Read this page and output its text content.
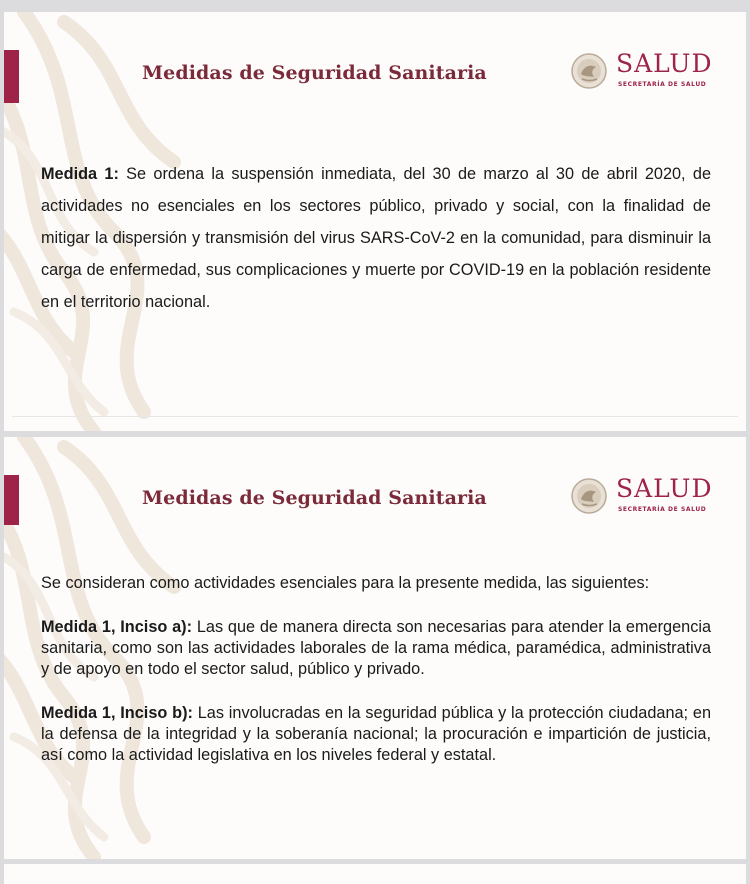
Medidas de Seguridad Sanitaria	SALUD
SECRETARÍA DE SALUD
Medida 1: Se ordena la suspensión inmediata, del 30 de marzo al 30 de abril 2020, de actividades no esenciales en los sectores público, privado y social, con la finalidad de mitigar la dispersión y transmisión del virus SARS-CoV-2 en la comunidad, para disminuir la carga de enfermedad, sus complicaciones y muerte por COVID-19 en la población residente en el territorio nacional.
Medidas de Seguridad Sanitaria	SALUD
SECRETARÍA DE SALUD
Se consideran como actividades esenciales para la presente medida, las siguientes:
Medida 1, Inciso a): Las que de manera directa son necesarias para atender la emergencia sanitaria, como son las actividades laborales de la rama médica, paramédica, administrativa y de apoyo en todo el sector salud, público y privado.
Medida 1, Inciso b): Las involucradas en la seguridad pública y la protección ciudadana; en la defensa de la integridad y la soberanía nacional; la procuración e impartición de justicia, así como la actividad legislativa en los niveles federal y estatal.
